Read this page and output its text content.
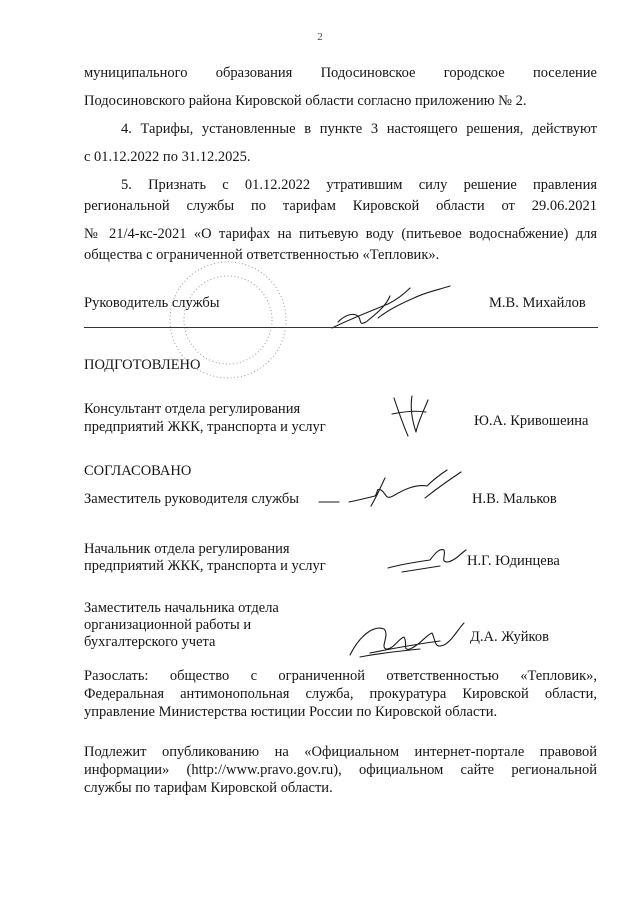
2
муниципального образования Подосиновское городское поселение
Подосиновского района Кировской области согласно приложению № 2.
4. Тарифы, установленные в пункте 3 настоящего решения, действуют
с 01.12.2022 по 31.12.2025.
5. Признать с 01.12.2022 утратившим силу решение правления
региональной службы по тарифам Кировской области от 29.06.2021
№ 21/4-кс-2021 «О тарифах на питьевую воду (питьевое водоснабжение) для
общества с ограниченной ответственностью «Тепловик».
Руководитель службы	М.В. Михайлов
ПОДГОТОВЛЕНО
Консультант отдела регулирования
предприятий ЖКК, транспорта и услуг	Ю.А. Кривошеина
СОГЛАСОВАНО
Заместитель руководителя службы	Н.В. Мальков
Начальник отдела регулирования
предприятий ЖКК, транспорта и услуг	Н.Г. Юдинцева
Заместитель начальника отдела
организационной работы и
бухгалтерского учета	Д.А. Жуйков
Разослать: общество с ограниченной ответственностью «Тепловик»,
Федеральная антимонопольная служба, прокуратура Кировской области,
управление Министерства юстиции России по Кировской области.
Подлежит опубликованию на «Официальном интернет-портале правовой
информации» (http://www.pravo.gov.ru), официальном сайте региональной
службы по тарифам Кировской области.
